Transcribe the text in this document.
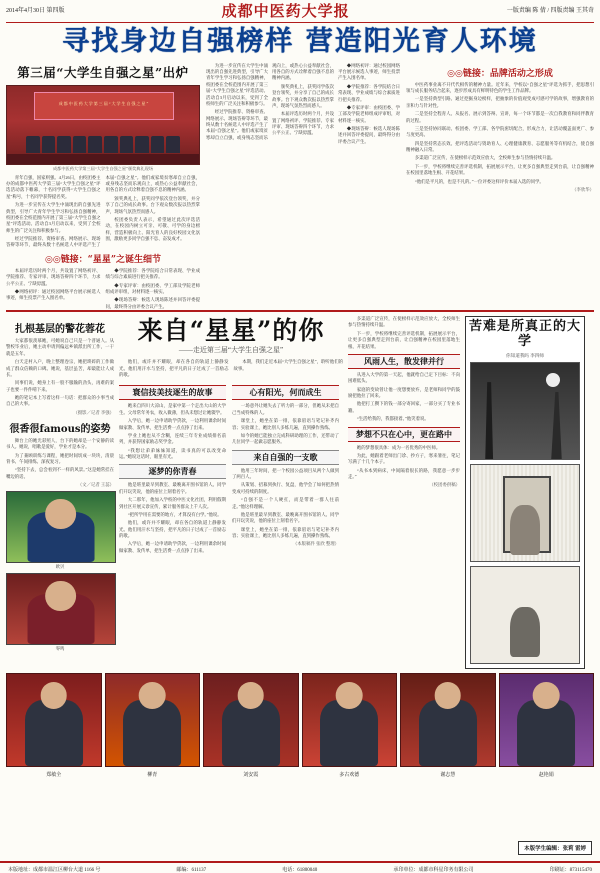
2014年4月30日 第四版	成都中医药大学报	一版责编 陈 倩 / 四版责编 王其奇
寻找身边自强榜样 营造阳光育人环境
第三届“大学生自强之星”出炉
成都中医药大学第三届“大学生自强之星”
成都中医药大学第三届“大学生自强之星”颁奖典礼现场

青年自强，国家则强。4月26日，由校团委主办的成都中医药大学第三届“大学生自强之星”评选活动落下帷幕，十名同学获得“大学生自强之星”称号，十名同学获得提名奖。

为进一步宣传在大学生中涌现出的自强先进典型，引导广大青年学生学习和弘扬自强精神，校团委在全校范围内开展了第三届“大学生自强之星”评选活动。活动自3月启动以来，受到了全校师生的广泛关注和积极参与。

经过学院推荐、资格审查、网络展示、现场答辩等环节，最终从数十名候选人中评选产生了本届“自强之星”。他们或家境贫寒却自立自强，或身残志坚而乐观向上，或热心公益奉献社会，用各自的方式诠释着自强不息的精神内涵。

颁奖典礼上，获奖同学依次登台领奖，并分享了自己的成长故事。台下观众数次报以热烈掌声，现场气氛热烈而感人。

校团委负责人表示，希望通过此次评选活动，在校园内树立可亲、可敬、可学的身边榜样，营造积极向上、阳光育人的良好校园文化氛围，激励更多同学自强不息、奋发成才。

◎◎链接：“星星”之诞生细节

本届评选历时两个月，共设置了网络初评、学院推荐、专家评审、现场答辩四个环节，力求公平公正、宁缺毋滥。

◆网络初评：通过校园网络平台展示候选人事迹，师生投票产生入围名单。

◆学院推荐：各学院结合日常表现、学业成绩与综合素质进行把关推荐。

◆专家评审：由校团委、学工部及学院老师组成评审组，对材料逐一核实。

◆现场答辩：候选人现场陈述并回答评委提问，最终得分由评委合议产生。

为进一步宣传在大学生中涌现出的自强先进典型，引导广大青年学生学习和弘扬自强精神，校团委在全校范围内开展了第三届“大学生自强之星”评选活动。活动自3月启动以来，受到了全校师生的广泛关注和积极参与。

经过学院推荐、资格审查、网络展示、现场答辩等环节，最终从数十名候选人中评选产生了本届“自强之星”。他们或家境贫寒却自立自强，或身残志坚而乐观向上，或热心公益奉献社会，用各自的方式诠释着自强不息的精神内涵。

颁奖典礼上，获奖同学依次登台领奖，并分享了自己的成长故事。台下观众数次报以热烈掌声，现场气氛热烈而感人。

本届评选历时两个月，共设置了网络初评、学院推荐、专家评审、现场答辩四个环节，力求公平公正、宁缺毋滥。

◆网络初评：通过校园网络平台展示候选人事迹，师生投票产生入围名单。

◆学院推荐：各学院结合日常表现、学业成绩与综合素质进行把关推荐。

◆专家评审：由校团委、学工部及学院老师组成评审组，对材料逐一核实。

◆现场答辩：候选人现场陈述并回答评委提问，最终得分由评委合议产生。

◎◎链接：品牌活动之形成

中医药事业离不开代代相传的精神力量。近年来，学校以“自强之星”评选为抓手，把思想引领与成长服务结合起来，逐步形成具有鲜明特色的学生工作品牌。

一是坚持典型引路。通过挖掘身边榜样，把抽象的价值观变成可感可学的故事，增强教育的亲和力与针对性。

二是坚持全程育人。从报名、展示到答辩、宣讲，每一个环节都是一次自我教育和同伴教育的过程。

三是坚持协同联动。校团委、学工部、各学院密切配合，形成合力，让活动覆盖面更广、参与度更高。

四是坚持常态长效。把评选活动与资助育人、心理健康教育、志愿服务等有机结合，使自强精神融入日常。

多渠道广泛宣传，在使榜样示范效应放大，全校师生参与热情持续升温。

下一步，学校将继续完善评选机制，拓展展示平台，让更多自强典型走到台前，让自强精神在校园里落地生根、开花结果。

“他们是平凡的，也是不凡的。”一位评委这样评价本届入选的同学。

（李欣华）
扎根基层的警花蓉花

大家都很羡慕她，可她说自己只是一个普通人。从警校毕业后，她主动申请到偏远乡镇派出所工作，一干就是五年。

白天走村入户，晚上整理卷宗，她把琐碎的工作做成了群众信赖的口碑。她说，基层虽苦，却最能让人成长。

同事们说，她身上有一股不服输的劲头，再难的案子也要一件件啃下来。

她的笔记本上写着这样一句话：把群众的小事当成自己的大事。

（摄影／记者 李强）
很香很famous的姿势

舞台上的她光彩照人，台下的她却是一个安静的读书人。她说，唱歌是爱好，学业才是本分。

为了兼顾训练与课程，她把时间切成一块块，清晨背书、午间排练、深夜复习。

“坚持下去，总会看到不一样的风景。”这是她常挂在嘴边的话。

（文／记者 王蕊）
欧贝
零鸣
来自“星星”的你
——走近第三届“大学生自强之星”

他们，或许并不耀眼，却在各自的轨道上静静发光。他们用汗水与坚持，把平凡的日子过成了一首励志的歌。

本期，我们走近本届“大学生自强之星”，聆听他们的故事。

寰信技美技逐生的故事

她来自四川大凉山，是家中第一个走出大山的大学生。父母常年务农，收入微薄，但从未想过让她辍学。

入学后，她一边申请助学贷款，一边利用课余时间做家教、发传单，把生活费一点点挣了出来。

学业上她也从不含糊，连续三年专业成绩排名前列，并获得国家励志奖学金。

“我想让弟弟妹妹知道，读书真的可以改变命运。”她说这话时，眼里有光。

逐梦的你青春

他是班里最早到教室、最晚离开图书馆的人。同学们开玩笑说，他的座位上刻着名字。

大二那年，他加入学校的中医文化社团，利用假期到社区开展义诊宣传，累计服务群众上千人次。

“把所学用在需要的地方，才算没有白学。”他说。

他们，或许并不耀眼，却在各自的轨道上静静发光。他们用汗水与坚持，把平凡的日子过成了一首励志的歌。

入学后，她一边申请助学贷款，一边利用课余时间做家教、发传单，把生活费一点点挣了出来。

心有阳光，何而成生

一场意外让她失去了听力的一部分，但她从未把自己当成特殊的人。

课堂上，她坐在第一排，依靠唇语与笔记补齐内容；实验课上，她比别人多练几遍，直到操作熟练。

如今的她已能独立完成科研助理的工作，还带动了几位同学一起做志愿服务。

来自自强的一支歌

他用三年时间，把一个校园公益项目从两个人做到了两百人。

从策划、招募到执行、复盘，他学会了如何把热情变成可持续的制度。

“自强不是一个人硬扛，而是带着一群人往前走。”他这样理解。

他是班里最早到教室、最晚离开图书馆的人。同学们开玩笑说，他的座位上刻着名字。

课堂上，她坐在第一排，依靠唇语与笔记补齐内容；实验课上，她比别人多练几遍，直到操作熟练。

（本版稿件 张欣 整理）

多渠道广泛宣传，在使榜样示范效应放大，全校师生参与热情持续升温。

下一步，学校将继续完善评选机制，拓展展示平台，让更多自强典型走到台前，让自强精神在校园里落地生根、开花结果。

风雨人生，散发律并行

从进入大学的第一天起，他就给自己定下目标：不向困难低头。

家庭的变故曾让他一度想要放弃，是老师和同学的鼓励把他拉了回来。

他把打工攒下的钱一部分寄回家，一部分买了专业书籍。

“生活给我的，我都接着。”他笑着说。

梦想不只在心中，更在路中

她的梦想很具体：成为一名优秀的中医师。

为此，她跟着老师出门诊、抄方子，寒来暑往，笔记写满了十几个本子。

“从书本到病床，中间隔着很长的路，我愿意一步步走。”

（校团委供稿）
苦难是所真正的大学
你知道我吗 李四师
郑敏全	柳青	刘安霞	多古欢德	谢志慧	赵艳娟
本版学生编辑：张莉 雷婷
本版地址：成都市温江区柳台大道 1166 号	邮编：611137	电话：61800040	承印单位：成都市科星印务有限公司	印刷证：873115470
